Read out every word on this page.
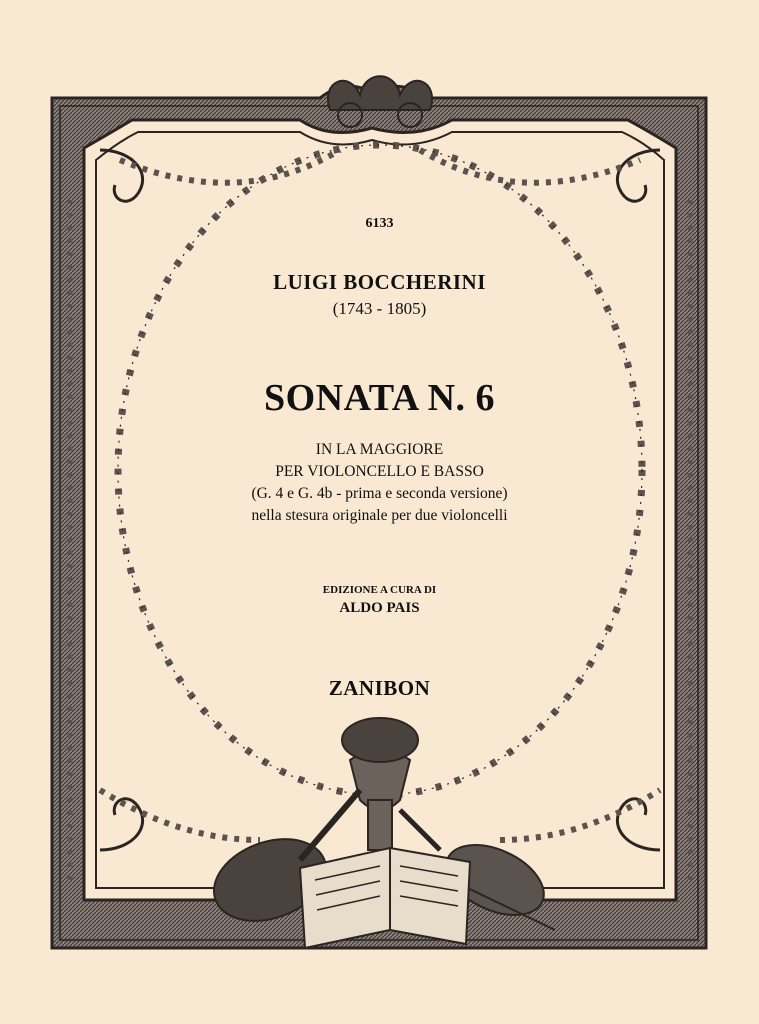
6133
LUIGI BOCCHERINI
(1743 - 1805)
SONATA N. 6
IN LA MAGGIORE
PER VIOLONCELLO E BASSO
(G. 4 e G. 4b - prima e seconda versione)
nella stesura originale per due violoncelli
EDIZIONE A CURA DI
ALDO PAIS
ZANIBON
